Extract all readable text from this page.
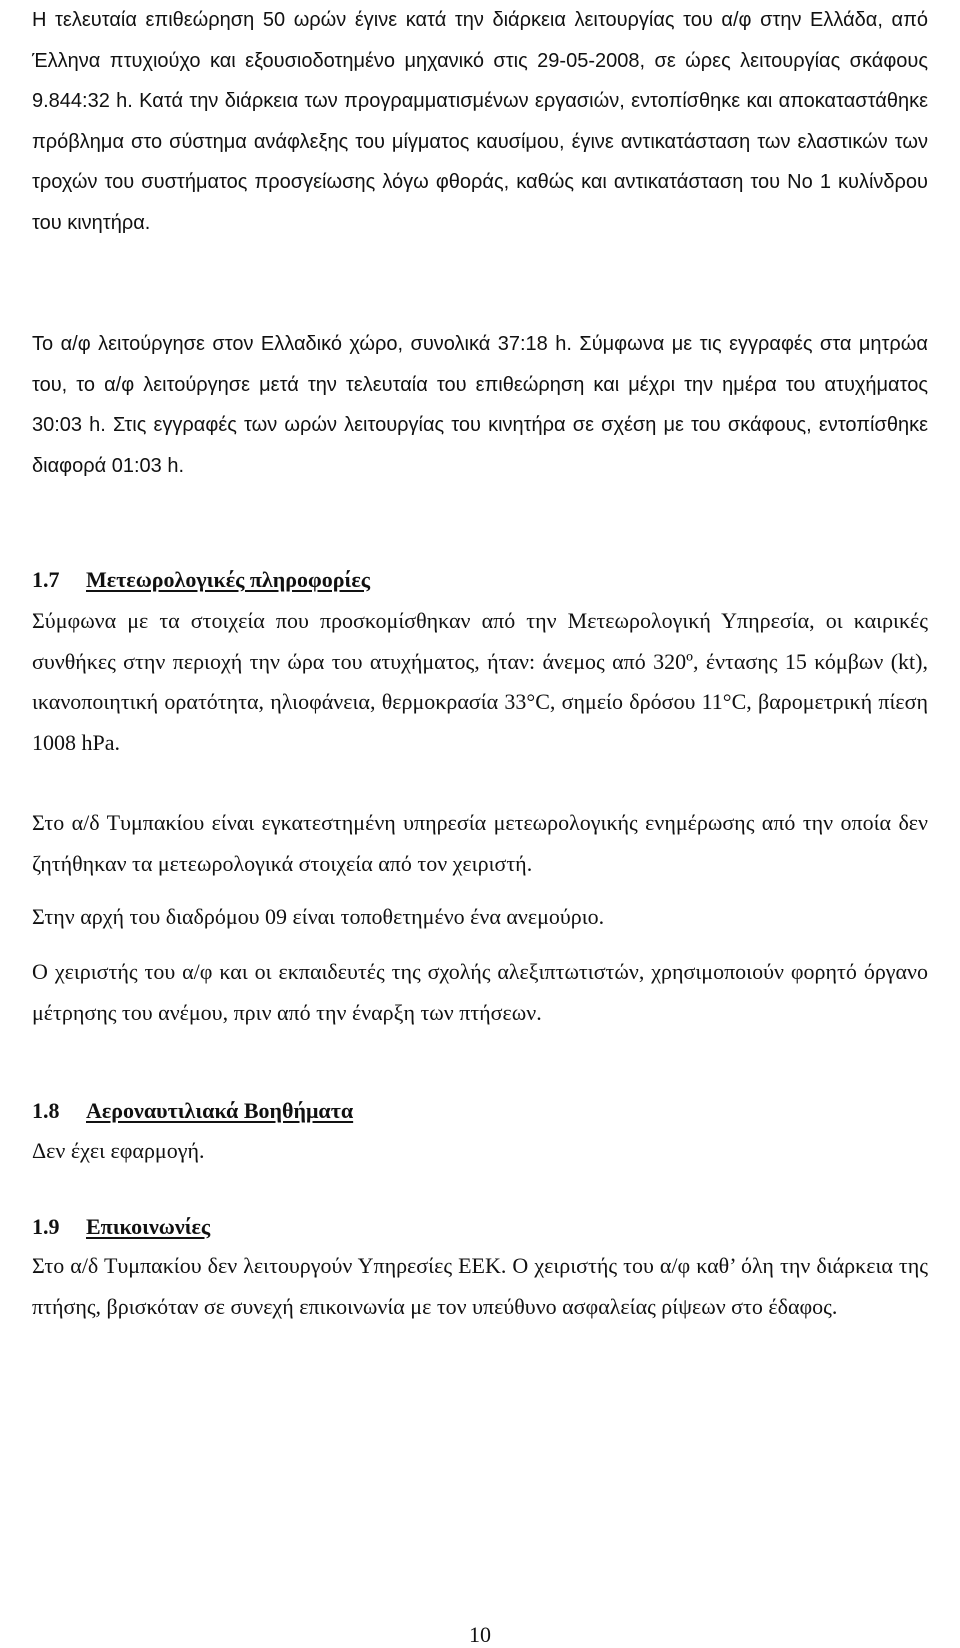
Η τελευταία επιθεώρηση 50 ωρών έγινε κατά την διάρκεια λειτουργίας του α/φ στην Ελλάδα, από Έλληνα πτυχιούχο και εξουσιοδοτημένο μηχανικό στις 29-05-2008, σε ώρες λειτουργίας σκάφους 9.844:32 h. Κατά την διάρκεια των προγραμματισμένων εργασιών, εντοπίσθηκε και αποκαταστάθηκε πρόβλημα στο σύστημα ανάφλεξης του μίγματος καυσίμου, έγινε αντικατάσταση των ελαστικών των τροχών του συστήματος προσγείωσης λόγω φθοράς, καθώς και αντικατάσταση του Νο 1 κυλίνδρου του κινητήρα.

Το α/φ λειτούργησε στον Ελλαδικό χώρο, συνολικά 37:18 h. Σύμφωνα με τις εγγραφές στα μητρώα του, το α/φ λειτούργησε μετά την τελευταία του επιθεώρηση και μέχρι την ημέρα του ατυχήματος 30:03 h. Στις εγγραφές των ωρών λειτουργίας του κινητήρα σε σχέση με του σκάφους, εντοπίσθηκε διαφορά 01:03 h.

1.7	Μετεωρολογικές πληροφορίες

Σύμφωνα με τα στοιχεία που προσκομίσθηκαν από την Μετεωρολογική Υπηρεσία, οι καιρικές συνθήκες στην περιοχή την ώρα του ατυχήματος, ήταν: άνεμος από 320º, έντασης 15 κόμβων (kt), ικανοποιητική ορατότητα, ηλιοφάνεια, θερμοκρασία 33°C, σημείο δρόσου 11°C, βαρομετρική πίεση 1008 hPa.

Στο α/δ Τυμπακίου είναι εγκατεστημένη υπηρεσία μετεωρολογικής ενημέρωσης από την οποία δεν ζητήθηκαν τα μετεωρολογικά στοιχεία από τον χειριστή.

Στην αρχή του διαδρόμου 09 είναι τοποθετημένο ένα ανεμούριο.

Ο χειριστής του α/φ και οι εκπαιδευτές της σχολής αλεξιπτωτιστών, χρησιμοποιούν φορητό όργανο μέτρησης του ανέμου, πριν από την έναρξη των πτήσεων.

1.8	Αεροναυτιλιακά Βοηθήματα

Δεν έχει εφαρμογή.

1.9	Επικοινωνίες

Στο α/δ Τυμπακίου δεν λειτουργούν Υπηρεσίες ΕΕΚ. Ο χειριστής του α/φ καθ’ όλη την διάρκεια της πτήσης, βρισκόταν σε συνεχή επικοινωνία με τον υπεύθυνο ασφαλείας ρίψεων στο έδαφος.

10
